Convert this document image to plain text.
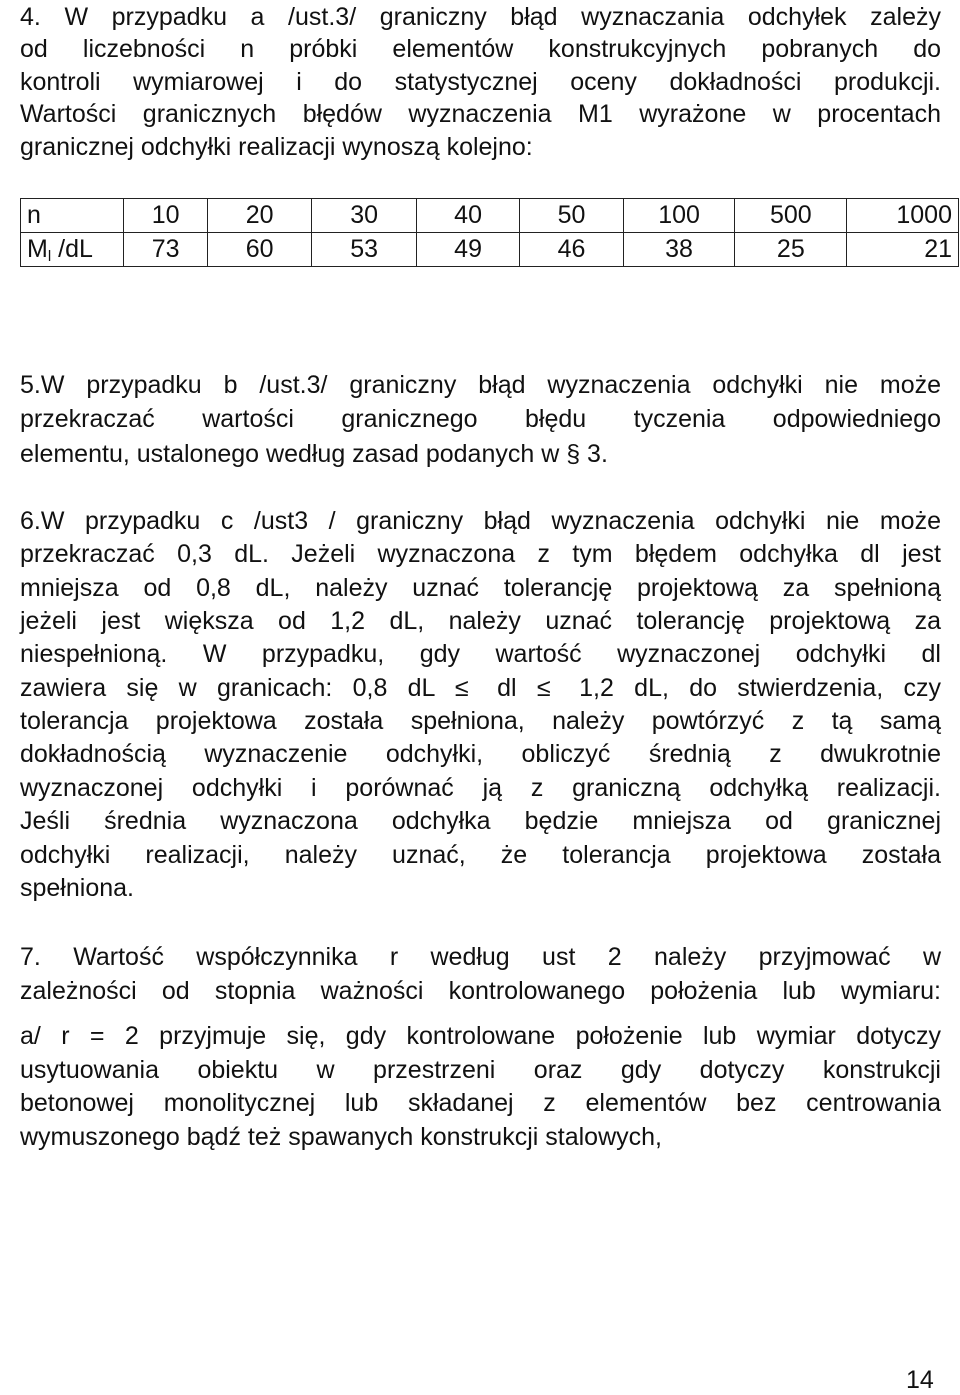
4. W przypadku a /ust.3/ graniczny błąd wyznaczania odchyłek zależy
od liczebności n próbki elementów konstrukcyjnych pobranych do
kontroli wymiarowej i do statystycznej oceny dokładności produkcji.
Wartości granicznych błędów wyznaczenia M1 wyrażone w procentach
granicznej odchyłki realizacji wynoszą kolejno:
n	10	20	30	40	50	100	500	1000
$M_l$ /dL	73	60	53	49	46	38	25	21
5.W przypadku b /ust.3/ graniczny błąd wyznaczenia odchyłki nie może
przekraczać wartości granicznego błędu tyczenia odpowiedniego
elementu, ustalonego według zasad podanych w § 3.
6.W przypadku c /ust3 / graniczny błąd wyznaczenia odchyłki nie może
przekraczać 0,3 dL. Jeżeli wyznaczona z tym błędem odchyłka dl jest
mniejsza od 0,8 dL, należy uznać tolerancję projektową za spełnioną
jeżeli jest większa od 1,2 dL, należy uznać tolerancję projektową za
niespełnioną. W przypadku, gdy wartość wyznaczonej odchyłki dl
zawiera się w granicach: 0,8 dL ≤ dl ≤ 1,2 dL, do stwierdzenia, czy
tolerancja projektowa została spełniona, należy powtórzyć z tą samą
dokładnością wyznaczenie odchyłki, obliczyć średnią z dwukrotnie
wyznaczonej odchyłki i porównać ją z graniczną odchyłką realizacji.
Jeśli średnia wyznaczona odchyłka będzie mniejsza od granicznej
odchyłki realizacji, należy uznać, że tolerancja projektowa została
spełniona.
7. Wartość współczynnika r według ust 2 należy przyjmować w
zależności od stopnia ważności kontrolowanego położenia lub wymiaru:
a/ r = 2 przyjmuje się, gdy kontrolowane położenie lub wymiar dotyczy
usytuowania obiektu w przestrzeni oraz gdy dotyczy konstrukcji
betonowej monolitycznej lub składanej z elementów bez centrowania
wymuszonego bądź też spawanych konstrukcji stalowych,
14
